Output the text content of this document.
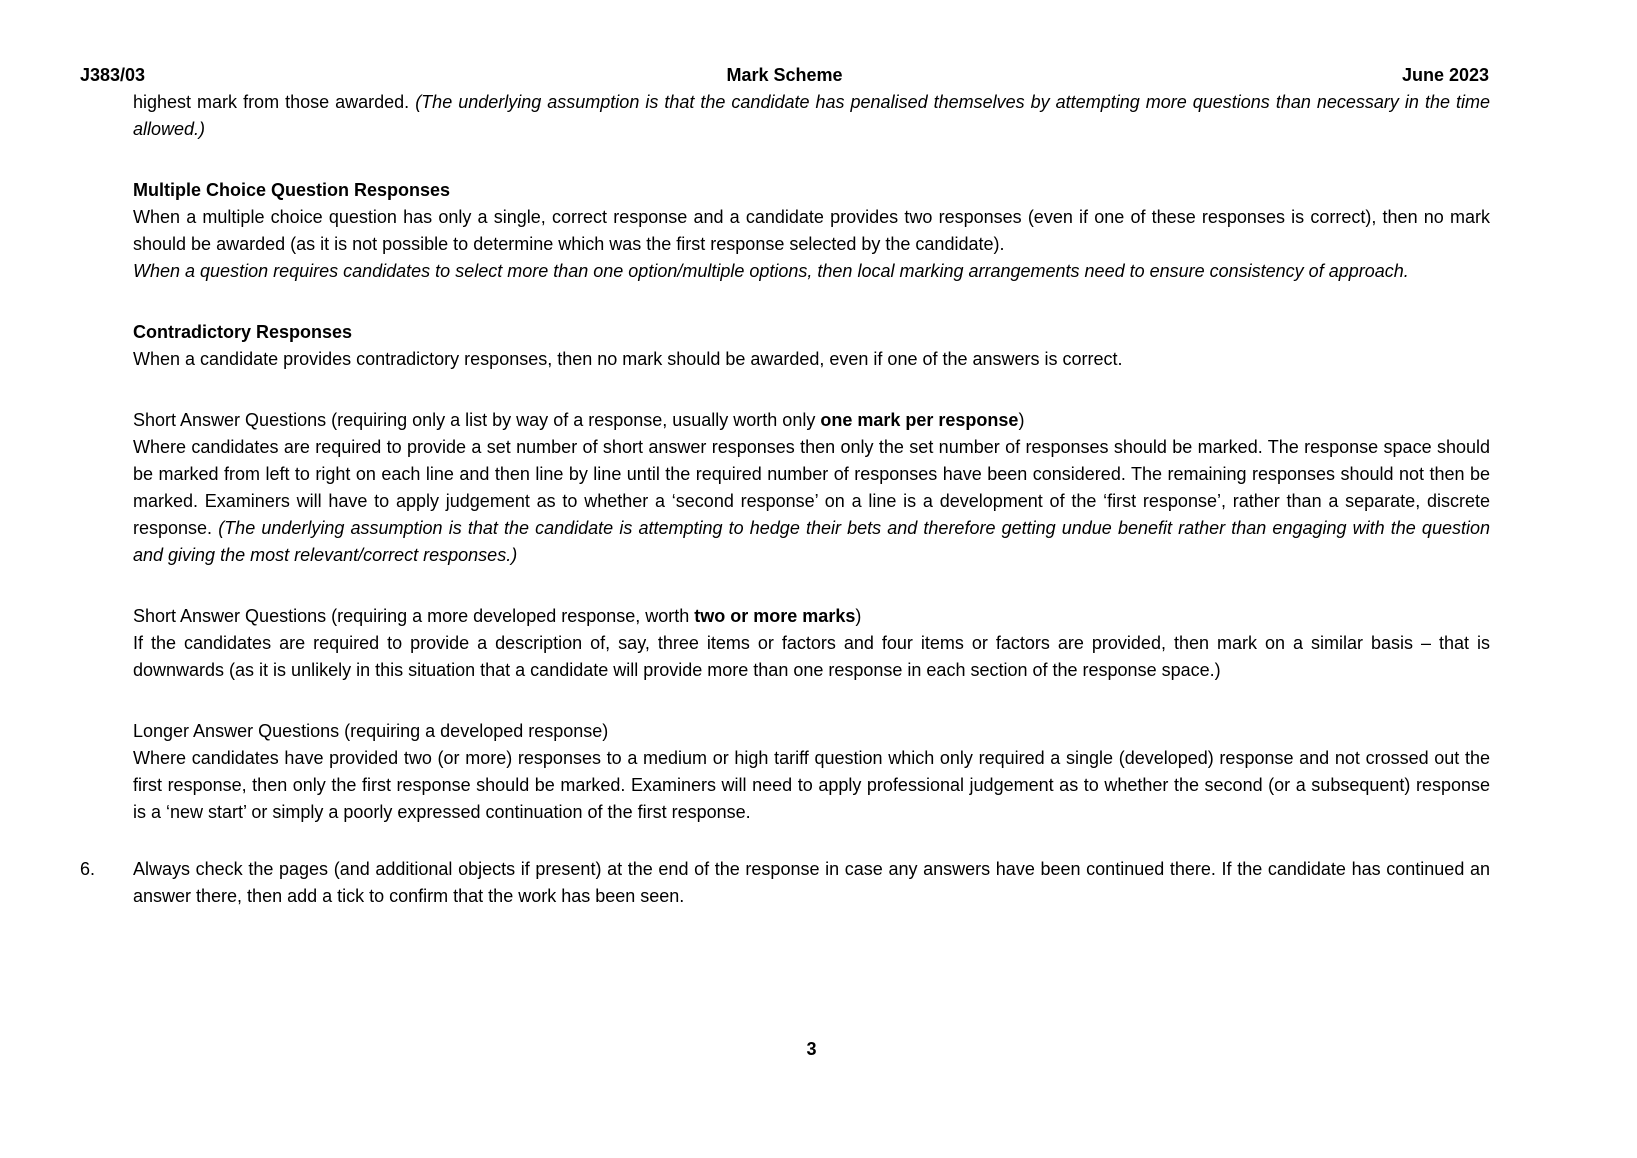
J383/03	Mark Scheme	June 2023

highest mark from those awarded. (The underlying assumption is that the candidate has penalised themselves by attempting more questions than necessary in the time allowed.)

Multiple Choice Question Responses

When a multiple choice question has only a single, correct response and a candidate provides two responses (even if one of these responses is correct), then no mark should be awarded (as it is not possible to determine which was the first response selected by the candidate).
When a question requires candidates to select more than one option/multiple options, then local marking arrangements need to ensure consistency of approach.

Contradictory Responses

When a candidate provides contradictory responses, then no mark should be awarded, even if one of the answers is correct.

Short Answer Questions (requiring only a list by way of a response, usually worth only one mark per response)

Where candidates are required to provide a set number of short answer responses then only the set number of responses should be marked. The response space should be marked from left to right on each line and then line by line until the required number of responses have been considered. The remaining responses should not then be marked. Examiners will have to apply judgement as to whether a ‘second response’ on a line is a development of the ‘first response’, rather than a separate, discrete response. (The underlying assumption is that the candidate is attempting to hedge their bets and therefore getting undue benefit rather than engaging with the question and giving the most relevant/correct responses.)

Short Answer Questions (requiring a more developed response, worth two or more marks)

If the candidates are required to provide a description of, say, three items or factors and four items or factors are provided, then mark on a similar basis – that is downwards (as it is unlikely in this situation that a candidate will provide more than one response in each section of the response space.)

Longer Answer Questions (requiring a developed response)

Where candidates have provided two (or more) responses to a medium or high tariff question which only required a single (developed) response and not crossed out the first response, then only the first response should be marked. Examiners will need to apply professional judgement as to whether the second (or a subsequent) response is a ‘new start’ or simply a poorly expressed continuation of the first response.

6.	Always check the pages (and additional objects if present) at the end of the response in case any answers have been continued there. If the candidate has continued an answer there, then add a tick to confirm that the work has been seen.
3
